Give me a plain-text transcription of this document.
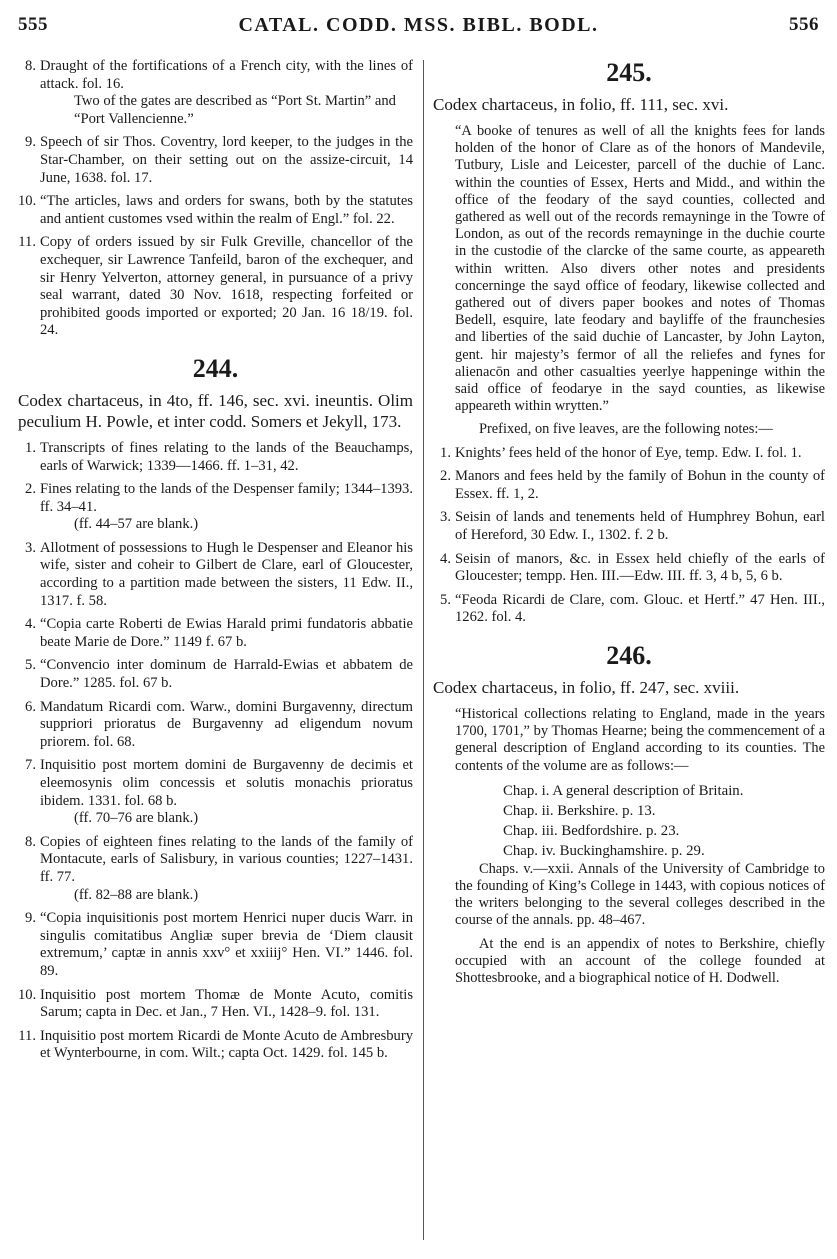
555	CATAL. CODD. MSS. BIBL. BODL.	556
8. Draught of the fortifications of a French city, with the lines of attack. fol. 16.
Two of the gates are described as “Port St. Martin” and “Port Vallencienne.”
9. Speech of sir Thos. Coventry, lord keeper, to the judges in the Star-Chamber, on their setting out on the assize-circuit, 14 June, 1638. fol. 17.
10. “The articles, laws and orders for swans, both by the statutes and antient customes vsed within the realm of Engl.” fol. 22.
11. Copy of orders issued by sir Fulk Greville, chancellor of the exchequer, sir Lawrence Tanfeild, baron of the exchequer, and sir Henry Yelverton, attorney general, in pursuance of a privy seal warrant, dated 30 Nov. 1618, respecting forfeited or prohibited goods imported or exported; 20 Jan. 16 18/19. fol. 24.
244.
Codex chartaceus, in 4to, ff. 146, sec. xvi. ineuntis. Olim peculium H. Powle, et inter codd. Somers et Jekyll, 173.
1. Transcripts of fines relating to the lands of the Beauchamps, earls of Warwick; 1339—1466. ff. 1–31, 42.
2. Fines relating to the lands of the Despenser family; 1344–1393. ff. 34–41.
(ff. 44–57 are blank.)
3. Allotment of possessions to Hugh le Despenser and Eleanor his wife, sister and coheir to Gilbert de Clare, earl of Gloucester, according to a partition made between the sisters, 11 Edw. II., 1317. f. 58.
4. “Copia carte Roberti de Ewias Harald primi fundatoris abbatie beate Marie de Dore.” 1149 f. 67 b.
5. “Convencio inter dominum de Harrald-Ewias et abbatem de Dore.” 1285. fol. 67 b.
6. Mandatum Ricardi com. Warw., domini Burgavenny, directum suppriori prioratus de Burgavenny ad eligendum novum priorem. fol. 68.
7. Inquisitio post mortem domini de Burgavenny de decimis et eleemosynis olim concessis et solutis monachis prioratus ibidem. 1331. fol. 68 b.
(ff. 70–76 are blank.)
8. Copies of eighteen fines relating to the lands of the family of Montacute, earls of Salisbury, in various counties; 1227–1431. ff. 77.
(ff. 82–88 are blank.)
9. “Copia inquisitionis post mortem Henrici nuper ducis Warr. in singulis comitatibus Angliæ super brevia de ‘Diem clausit extremum,’ captæ in annis xxv° et xxiiij° Hen. VI.” 1446. fol. 89.
10. Inquisitio post mortem Thomæ de Monte Acuto, comitis Sarum; capta in Dec. et Jan., 7 Hen. VI., 1428–9. fol. 131.
11. Inquisitio post mortem Ricardi de Monte Acuto de Ambresbury et Wynterbourne, in com. Wilt.; capta Oct. 1429. fol. 145 b.
245.
Codex chartaceus, in folio, ff. 111, sec. xvi.
“A booke of tenures as well of all the knights fees for lands holden of the honor of Clare as of the honors of Mandevile, Tutbury, Lisle and Leicester, parcell of the duchie of Lanc. within the counties of Essex, Herts and Midd., and within the office of the feodary of the sayd counties, collected and gathered as well out of the records remayninge in the Towre of London, as out of the records remayninge in the duchie courte in the custodie of the clarcke of the same courte, as appeareth within written. Also divers other notes and presidents concerninge the sayd office of feodary, likewise collected and gathered out of divers paper bookes and notes of Thomas Bedell, esquire, late feodary and bayliffe of the fraunchesies and liberties of the said duchie of Lancaster, by John Layton, gent. hir majesty’s fermor of all the reliefes and fynes for alienacōn and other casualties yeerlye happeninge within the said office of feodarye in the sayd counties, as likewise appeareth within wrytten.”
Prefixed, on five leaves, are the following notes:—
1. Knights’ fees held of the honor of Eye, temp. Edw. I. fol. 1.
2. Manors and fees held by the family of Bohun in the county of Essex. ff. 1, 2.
3. Seisin of lands and tenements held of Humphrey Bohun, earl of Hereford, 30 Edw. I., 1302. f. 2 b.
4. Seisin of manors, &c. in Essex held chiefly of the earls of Gloucester; tempp. Hen. III.—Edw. III. ff. 3, 4 b, 5, 6 b.
5. “Feoda Ricardi de Clare, com. Glouc. et Hertf.” 47 Hen. III., 1262. fol. 4.
246.
Codex chartaceus, in folio, ff. 247, sec. xviii.
“Historical collections relating to England, made in the years 1700, 1701,” by Thomas Hearne; being the commencement of a general description of England according to its counties. The contents of the volume are as follows:—
Chap. i. A general description of Britain.
Chap. ii. Berkshire. p. 13.
Chap. iii. Bedfordshire. p. 23.
Chap. iv. Buckinghamshire. p. 29.
Chaps. v.—xxii. Annals of the University of Cambridge to the founding of King’s College in 1443, with copious notices of the writers belonging to the several colleges described in the course of the annals. pp. 48–467.
At the end is an appendix of notes to Berkshire, chiefly occupied with an account of the college founded at Shottesbrooke, and a biographical notice of H. Dodwell.
